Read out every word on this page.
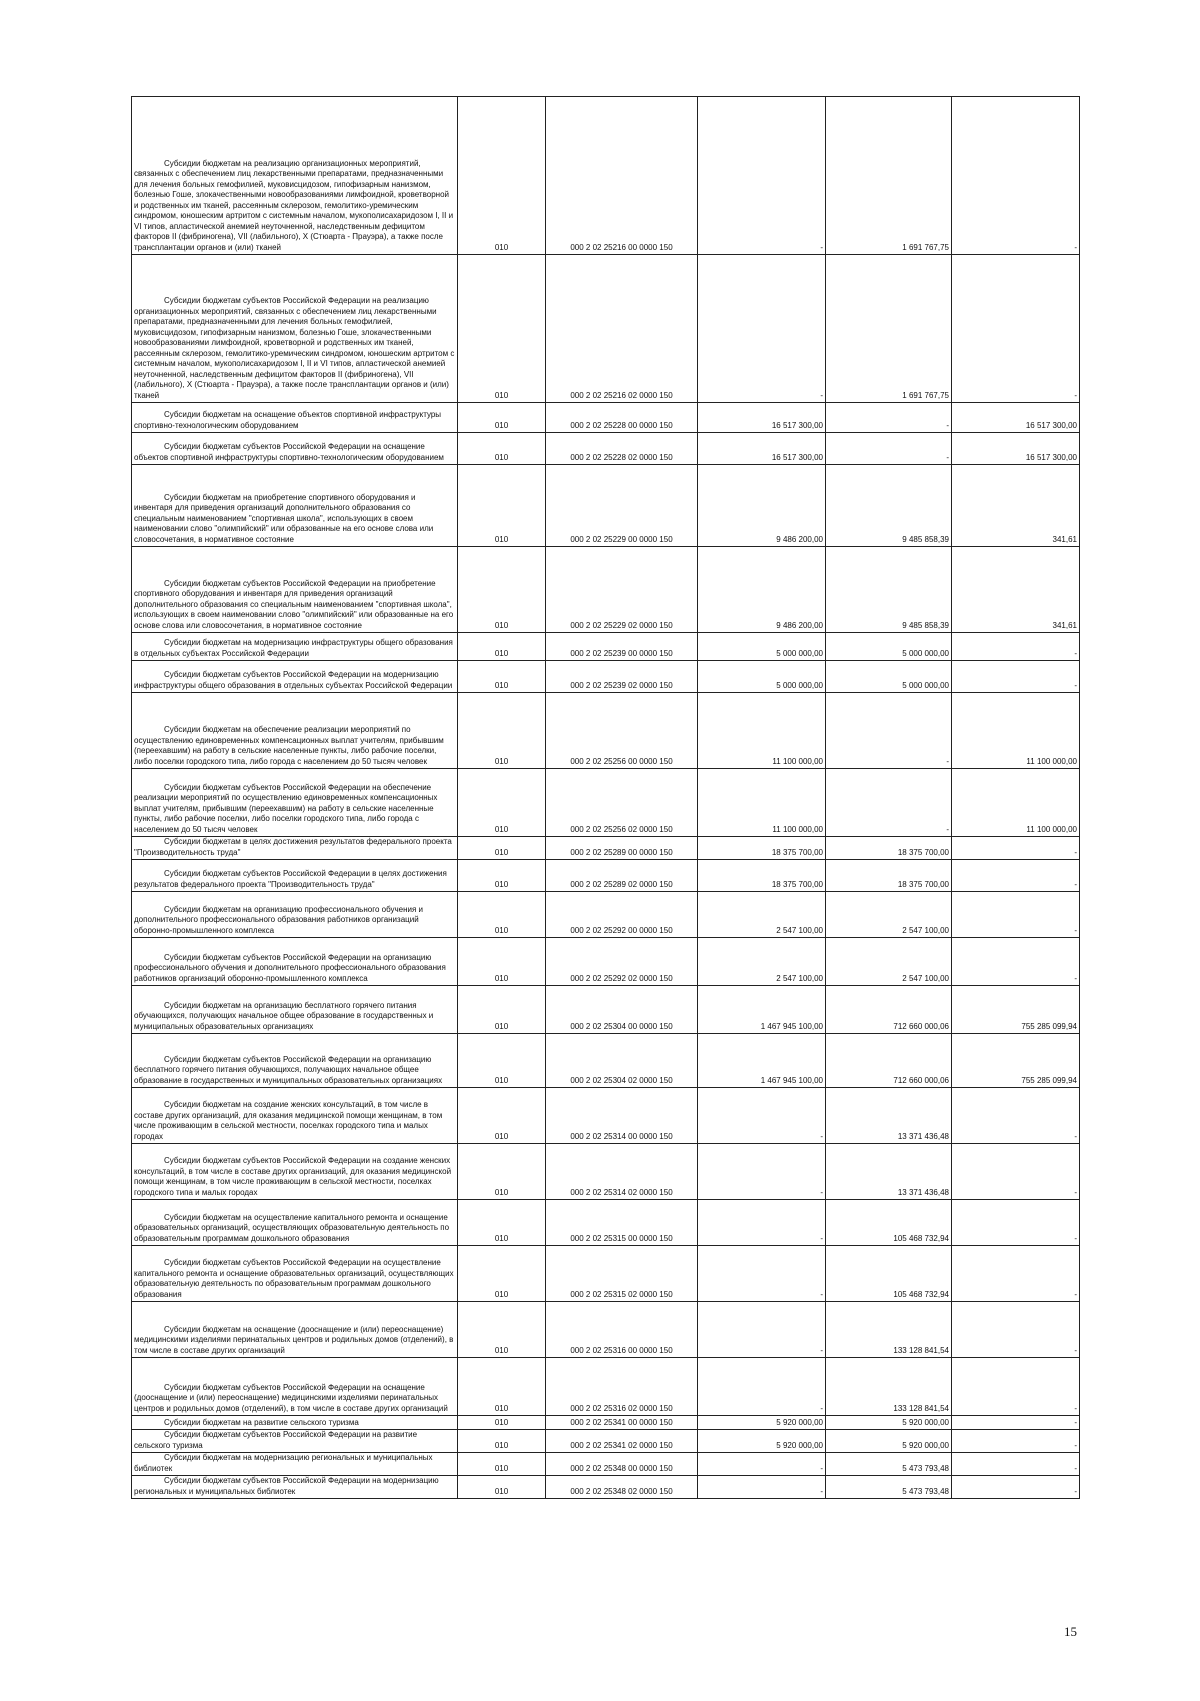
Субсидии бюджетам на реализацию организационных мероприятий, связанных с обеспечением лиц лекарственными препаратами, предназначенными для лечения больных гемофилией, муковисцидозом, гипофизарным нанизмом, болезнью Гоше, злокачественными новообразованиями лимфоидной, кроветворной и родственных им тканей, рассеянным склерозом, гемолитико-уремическим синдромом, юношеским артритом с системным началом, мукополисахаридозом I, II и VI типов, апластической анемией неуточненной, наследственным дефицитом факторов II (фибриногена), VII (лабильного), X (Стюарта - Прауэра), а также после трансплантации органов и (или) тканей	010	000 2 02 25216 00 0000 150	-	1 691 767,75	-

Субсидии бюджетам субъектов Российской Федерации на реализацию организационных мероприятий, связанных с обеспечением лиц лекарственными препаратами, предназначенными для лечения больных гемофилией, муковисцидозом, гипофизарным нанизмом, болезнью Гоше, злокачественными новообразованиями лимфоидной, кроветворной и родственных им тканей, рассеянным склерозом, гемолитико-уремическим синдромом, юношеским артритом с системным началом, мукополисахаридозом I, II и VI типов, апластической анемией неуточненной, наследственным дефицитом факторов II (фибриногена), VII (лабильного), X (Стюарта - Прауэра), а также после трансплантации органов и (или) тканей	010	000 2 02 25216 02 0000 150	-	1 691 767,75	-

Субсидии бюджетам на оснащение объектов спортивной инфраструктуры спортивно-технологическим оборудованием	010	000 2 02 25228 00 0000 150	16 517 300,00	-	16 517 300,00

Субсидии бюджетам субъектов Российской Федерации на оснащение объектов спортивной инфраструктуры спортивно-технологическим оборудованием	010	000 2 02 25228 02 0000 150	16 517 300,00	-	16 517 300,00

Субсидии бюджетам на приобретение спортивного оборудования и инвентаря для приведения организаций дополнительного образования со специальным наименованием "спортивная школа", использующих в своем наименовании слово "олимпийский" или образованные на его основе слова или словосочетания, в нормативное состояние	010	000 2 02 25229 00 0000 150	9 486 200,00	9 485 858,39	341,61

Субсидии бюджетам субъектов Российской Федерации на приобретение спортивного оборудования и инвентаря для приведения организаций дополнительного образования со специальным наименованием "спортивная школа", использующих в своем наименовании слово "олимпийский" или образованные на его основе слова или словосочетания, в нормативное состояние	010	000 2 02 25229 02 0000 150	9 486 200,00	9 485 858,39	341,61

Субсидии бюджетам на модернизацию инфраструктуры общего образования в отдельных субъектах Российской Федерации	010	000 2 02 25239 00 0000 150	5 000 000,00	5 000 000,00	-

Субсидии бюджетам субъектов Российской Федерации на модернизацию инфраструктуры общего образования в отдельных субъектах Российской Федерации	010	000 2 02 25239 02 0000 150	5 000 000,00	5 000 000,00	-

Субсидии бюджетам на обеспечение реализации мероприятий по осуществлению единовременных компенсационных выплат учителям, прибывшим (переехавшим) на работу в сельские населенные пункты, либо рабочие поселки, либо поселки городского типа, либо города с населением до 50 тысяч человек	010	000 2 02 25256 00 0000 150	11 100 000,00	-	11 100 000,00

Субсидии бюджетам субъектов Российской Федерации на обеспечение реализации мероприятий по осуществлению единовременных компенсационных выплат учителям, прибывшим (переехавшим) на работу в сельские населенные пункты, либо рабочие поселки, либо поселки городского типа, либо города с населением до 50 тысяч человек	010	000 2 02 25256 02 0000 150	11 100 000,00	-	11 100 000,00

Субсидии бюджетам в целях достижения результатов федерального проекта "Производительность труда"	010	000 2 02 25289 00 0000 150	18 375 700,00	18 375 700,00	-

Субсидии бюджетам субъектов Российской Федерации в целях достижения результатов федерального проекта "Производительность труда"	010	000 2 02 25289 02 0000 150	18 375 700,00	18 375 700,00	-

Субсидии бюджетам на организацию профессионального обучения и дополнительного профессионального образования работников организаций оборонно-промышленного комплекса	010	000 2 02 25292 00 0000 150	2 547 100,00	2 547 100,00	-

Субсидии бюджетам субъектов Российской Федерации на организацию профессионального обучения и дополнительного профессионального образования работников организаций оборонно-промышленного комплекса	010	000 2 02 25292 02 0000 150	2 547 100,00	2 547 100,00	-

Субсидии бюджетам на организацию бесплатного горячего питания обучающихся, получающих начальное общее образование в государственных и муниципальных образовательных организациях	010	000 2 02 25304 00 0000 150	1 467 945 100,00	712 660 000,06	755 285 099,94

Субсидии бюджетам субъектов Российской Федерации на организацию бесплатного горячего питания обучающихся, получающих начальное общее образование в государственных и муниципальных образовательных организациях	010	000 2 02 25304 02 0000 150	1 467 945 100,00	712 660 000,06	755 285 099,94

Субсидии бюджетам на создание женских консультаций, в том числе в составе других организаций, для оказания медицинской помощи женщинам, в том числе проживающим в сельской местности, поселках городского типа и малых городах	010	000 2 02 25314 00 0000 150	-	13 371 436,48	-

Субсидии бюджетам субъектов Российской Федерации на создание женских консультаций, в том числе в составе других организаций, для оказания медицинской помощи женщинам, в том числе проживающим в сельской местности, поселках городского типа и малых городах	010	000 2 02 25314 02 0000 150	-	13 371 436,48	-

Субсидии бюджетам на осуществление капитального ремонта и оснащение образовательных организаций, осуществляющих образовательную деятельность по образовательным программам дошкольного образования	010	000 2 02 25315 00 0000 150	-	105 468 732,94	-

Субсидии бюджетам субъектов Российской Федерации на осуществление капитального ремонта и оснащение образовательных организаций, осуществляющих образовательную деятельность по образовательным программам дошкольного образования	010	000 2 02 25315 02 0000 150	-	105 468 732,94	-

Субсидии бюджетам на оснащение (дооснащение и (или) переоснащение) медицинскими изделиями перинатальных центров и родильных домов (отделений), в том числе в составе других организаций	010	000 2 02 25316 00 0000 150	-	133 128 841,54	-

Субсидии бюджетам субъектов Российской Федерации на оснащение (дооснащение и (или) переоснащение) медицинскими изделиями перинатальных центров и родильных домов (отделений), в том числе в составе других организаций	010	000 2 02 25316 02 0000 150	-	133 128 841,54	-

Субсидии бюджетам на развитие сельского туризма	010	000 2 02 25341 00 0000 150	5 920 000,00	5 920 000,00	-

Субсидии бюджетам субъектов Российской Федерации на развитие сельского туризма	010	000 2 02 25341 02 0000 150	5 920 000,00	5 920 000,00	-

Субсидии бюджетам на модернизацию региональных и муниципальных библиотек	010	000 2 02 25348 00 0000 150	-	5 473 793,48	-

Субсидии бюджетам субъектов Российской Федерации на модернизацию региональных и муниципальных библиотек	010	000 2 02 25348 02 0000 150	-	5 473 793,48	-
15
